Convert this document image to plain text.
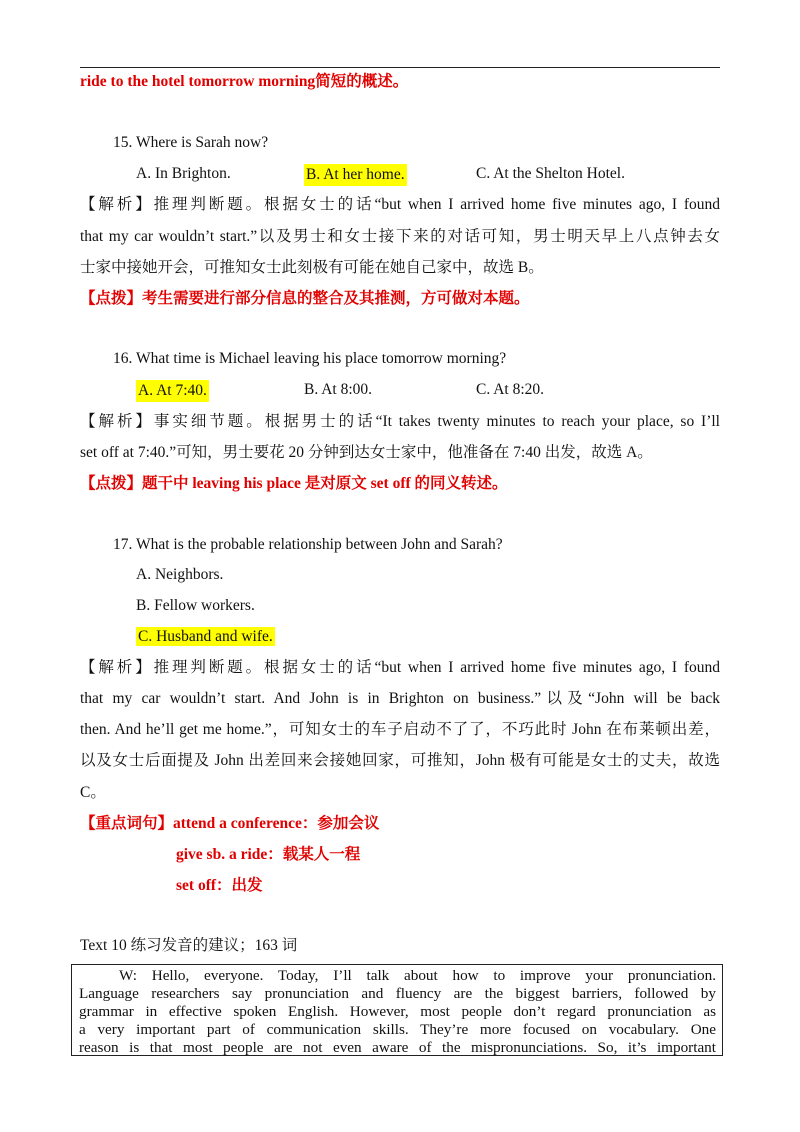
ride to the hotel tomorrow morning简短的概述。
15. Where is Sarah now?
A. In Brighton.	B. At her home.	C. At the Shelton Hotel.
【解析】推理判断题。根据女士的话“but when I arrived home five minutes ago, I found
that my car wouldn’t start.”以及男士和女士接下来的对话可知，男士明天早上八点钟去女
士家中接她开会，可推知女士此刻极有可能在她自己家中，故选 B。
【点拨】考生需要进行部分信息的整合及其推测，方可做对本题。
16. What time is Michael leaving his place tomorrow morning?
A. At 7:40.	B. At 8:00.	C. At 8:20.
【解析】事实细节题。根据男士的话“It takes twenty minutes to reach your place, so I’ll
set off at 7:40.”可知，男士要花 20 分钟到达女士家中，他准备在 7:40 出发，故选 A。
【点拨】题干中 leaving his place 是对原文 set off 的同义转述。
17. What is the probable relationship between John and Sarah?
A. Neighbors.
B. Fellow workers.
C. Husband and wife.
【解析】推理判断题。根据女士的话“but when I arrived home five minutes ago, I found
that my car wouldn’t start. And John is in Brighton on business.”以及“John will be back
then. And he’ll get me home.”，可知女士的车子启动不了了，不巧此时 John 在布莱顿出差，
以及女士后面提及 John 出差回来会接她回家，可推知，John 极有可能是女士的丈夫，故选
C。
【重点词句】attend a conference：参加会议
give sb. a ride：载某人一程
set off：出发
Text 10 练习发音的建议；163 词
W: Hello, everyone. Today, I’ll talk about how to improve your pronunciation.
Language researchers say pronunciation and fluency are the biggest barriers, followed by
grammar in effective spoken English. However, most people don’t regard pronunciation as
a very important part of communication skills. They’re more focused on vocabulary. One
reason is that most people are not even aware of the mispronunciations. So, it’s important
